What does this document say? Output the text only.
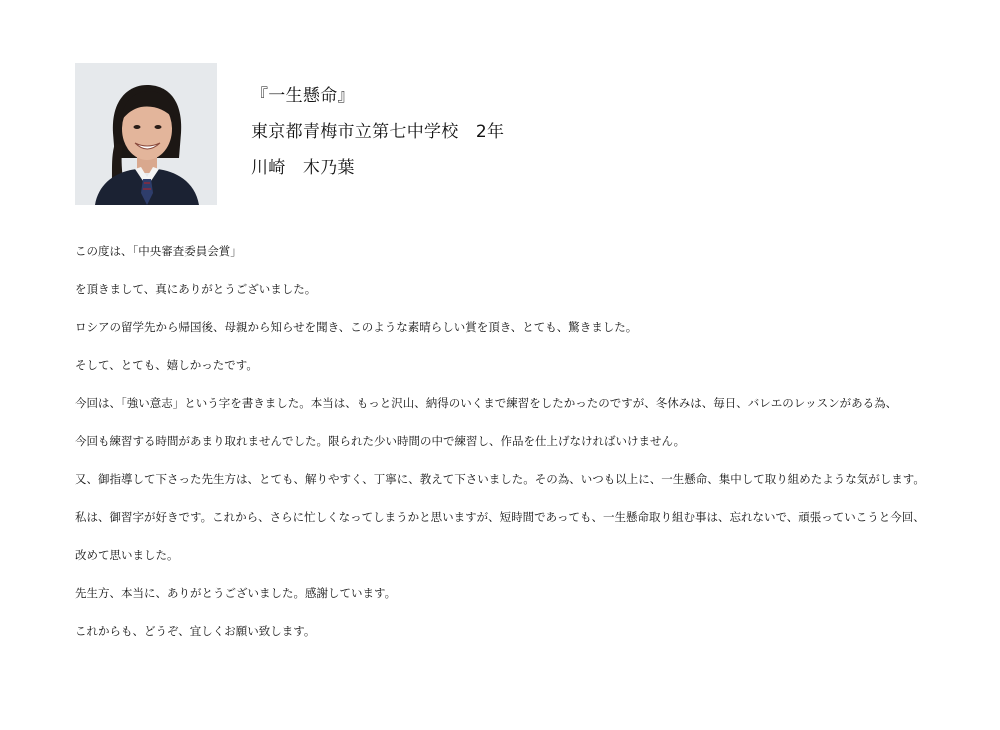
『一生懸命』
東京都青梅市立第七中学校　2年
川崎　木乃葉

この度は、「中央審査委員会賞」

を頂きまして、真にありがとうございました。

ロシアの留学先から帰国後、母親から知らせを聞き、このような素晴らしい賞を頂き、とても、驚きました。

そして、とても、嬉しかったです。

今回は、「強い意志」という字を書きました。本当は、もっと沢山、納得のいくまで練習をしたかったのですが、冬休みは、毎日、バレエのレッスンがある為、

今回も練習する時間があまり取れませんでした。限られた少い時間の中で練習し、作品を仕上げなければいけません。

又、御指導して下さった先生方は、とても、解りやすく、丁寧に、教えて下さいました。その為、いつも以上に、一生懸命、集中して取り組めたような気がします。

私は、御習字が好きです。これから、さらに忙しくなってしまうかと思いますが、短時間であっても、一生懸命取り組む事は、忘れないで、頑張っていこうと今回、

改めて思いました。

先生方、本当に、ありがとうございました。感謝しています。

これからも、どうぞ、宜しくお願い致します。
